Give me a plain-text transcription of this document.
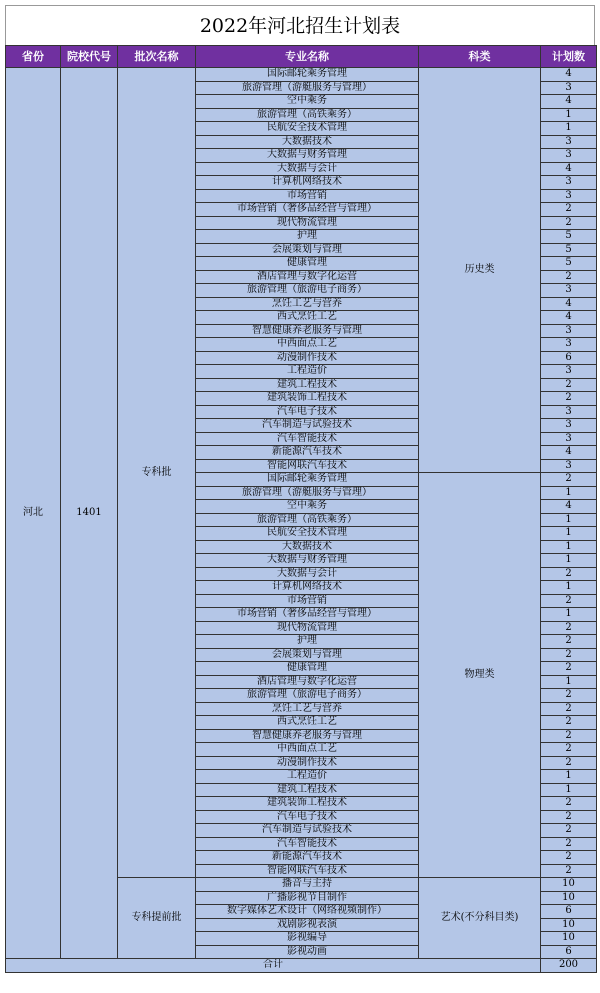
2022年河北招生计划表
省份	院校代号	批次名称	专业名称	科类	计划数
河北	1401	专科批	国际邮轮乘务管理	历史类	4
			旅游管理（游艇服务与管理）		3
			空中乘务		4
			旅游管理（高铁乘务）		1
			民航安全技术管理		1
			大数据技术		3
			大数据与财务管理		3
			大数据与会计		4
			计算机网络技术		3
			市场营销		3
			市场营销（奢侈品经营与管理）		2
			现代物流管理		2
			护理		5
			会展策划与管理		5
			健康管理		5
			酒店管理与数字化运营		2
			旅游管理（旅游电子商务）		3
			烹饪工艺与营养		4
			西式烹饪工艺		4
			智慧健康养老服务与管理		3
			中西面点工艺		3
			动漫制作技术		6
			工程造价		3
			建筑工程技术		2
			建筑装饰工程技术		2
			汽车电子技术		3
			汽车制造与试验技术		3
			汽车智能技术		3
			新能源汽车技术		4
			智能网联汽车技术		3
			国际邮轮乘务管理	物理类	2
			旅游管理（游艇服务与管理）		1
			空中乘务		4
			旅游管理（高铁乘务）		1
			民航安全技术管理		1
			大数据技术		1
			大数据与财务管理		1
			大数据与会计		2
			计算机网络技术		1
			市场营销		2
			市场营销（奢侈品经营与管理）		1
			现代物流管理		2
			护理		2
			会展策划与管理		2
			健康管理		2
			酒店管理与数字化运营		1
			旅游管理（旅游电子商务）		2
			烹饪工艺与营养		2
			西式烹饪工艺		2
			智慧健康养老服务与管理		2
			中西面点工艺		2
			动漫制作技术		2
			工程造价		1
			建筑工程技术		1
			建筑装饰工程技术		2
			汽车电子技术		2
			汽车制造与试验技术		2
			汽车智能技术		2
			新能源汽车技术		2
			智能网联汽车技术		2
		专科提前批	播音与主持	艺术(不分科目类)	10
			广播影视节目制作		10
			数字媒体艺术设计（网络视频制作）		6
			戏剧影视表演		10
			影视编导		10
			影视动画		6
合计					200
